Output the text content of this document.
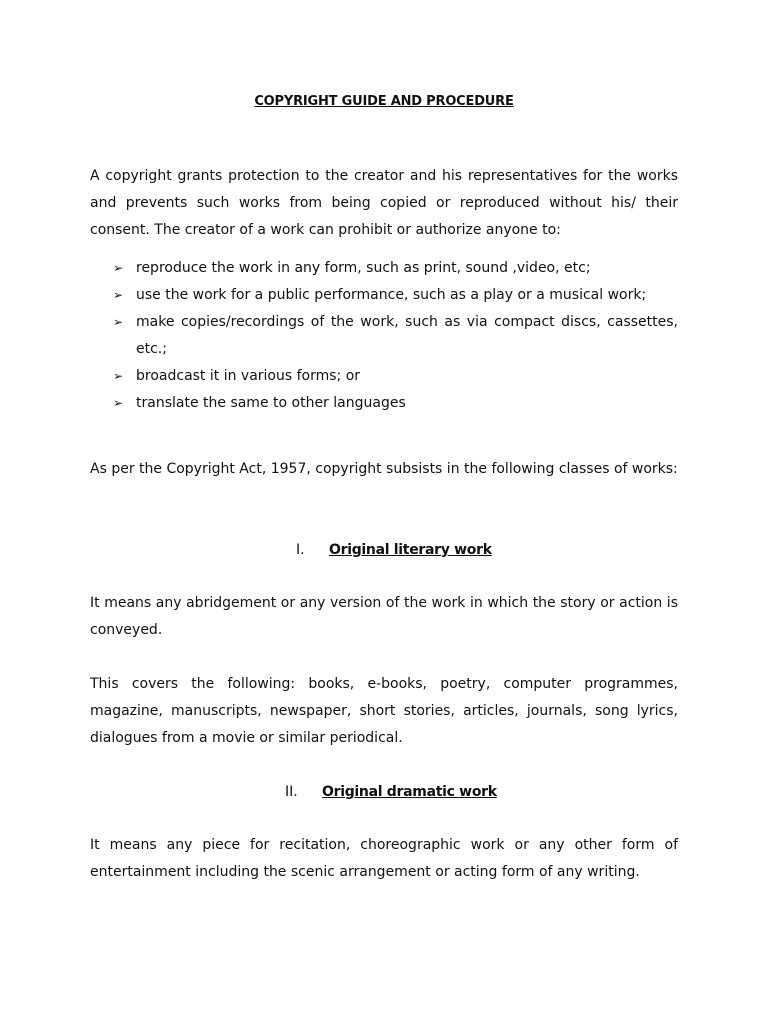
COPYRIGHT GUIDE AND PROCEDURE
A copyright grants protection to the creator and his representatives for the works and prevents such works from being copied or reproduced without his/ their consent. The creator of a work can prohibit or authorize anyone to:
➢ reproduce the work in any form, such as print, sound ,video, etc;
➢ use the work for a public performance, such as a play or a musical work;
➢ make copies/recordings of the work, such as via compact discs, cassettes, etc.;
➢ broadcast it in various forms; or
➢ translate the same to other languages
As per the Copyright Act, 1957, copyright subsists in the following classes of works:
I. Original literary work
It means any abridgement or any version of the work in which the story or action is conveyed.
This covers the following: books, e-books, poetry, computer programmes, magazine, manuscripts, newspaper, short stories, articles, journals, song lyrics, dialogues from a movie or similar periodical.
II. Original dramatic work
It means any piece for recitation, choreographic work or any other form of entertainment including the scenic arrangement or acting form of any writing.
